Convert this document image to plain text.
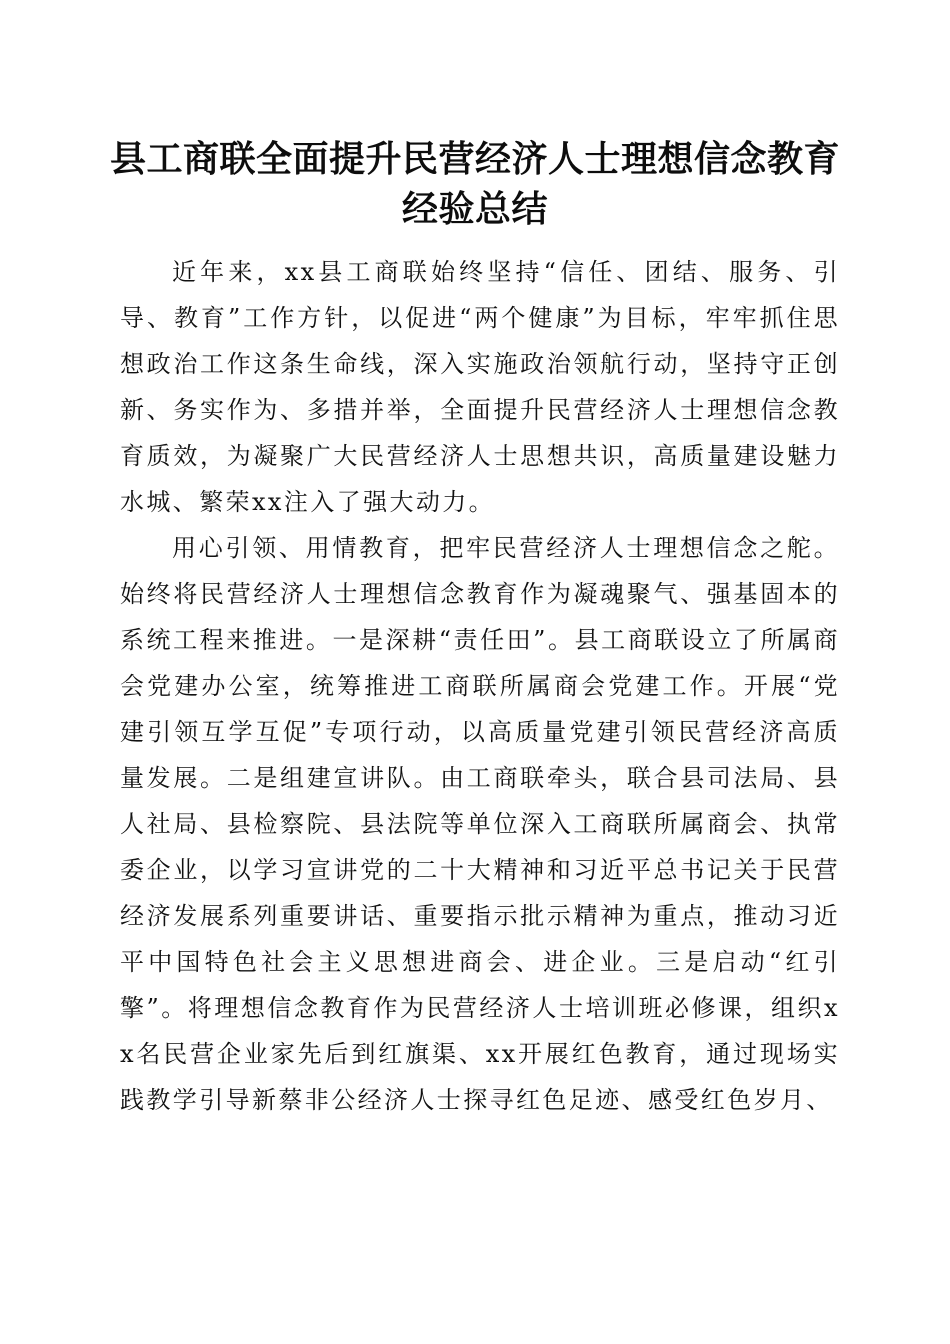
县工商联全面提升民营经济人士理想信念教育
经验总结

近年来，xx县工商联始终坚持“信任、团结、服务、引导、教育”工作方针，以促进“两个健康”为目标，牢牢抓住思想政治工作这条生命线，深入实施政治领航行动，坚持守正创新、务实作为、多措并举，全面提升民营经济人士理想信念教育质效，为凝聚广大民营经济人士思想共识，高质量建设魅力水城、繁荣xx注入了强大动力。

用心引领、用情教育，把牢民营经济人士理想信念之舵。始终将民营经济人士理想信念教育作为凝魂聚气、强基固本的系统工程来推进。一是深耕“责任田”。县工商联设立了所属商会党建办公室，统筹推进工商联所属商会党建工作。开展“党建引领互学互促”专项行动，以高质量党建引领民营经济高质量发展。二是组建宣讲队。由工商联牵头，联合县司法局、县人社局、县检察院、县法院等单位深入工商联所属商会、执常委企业，以学习宣讲党的二十大精神和习近平总书记关于民营经济发展系列重要讲话、重要指示批示精神为重点，推动习近平中国特色社会主义思想进商会、进企业。三是启动“红引擎”。将理想信念教育作为民营经济人士培训班必修课，组织xx名民营企业家先后到红旗渠、xx开展红色教育，通过现场实践教学引导新蔡非公经济人士探寻红色足迹、感受红色岁月、
